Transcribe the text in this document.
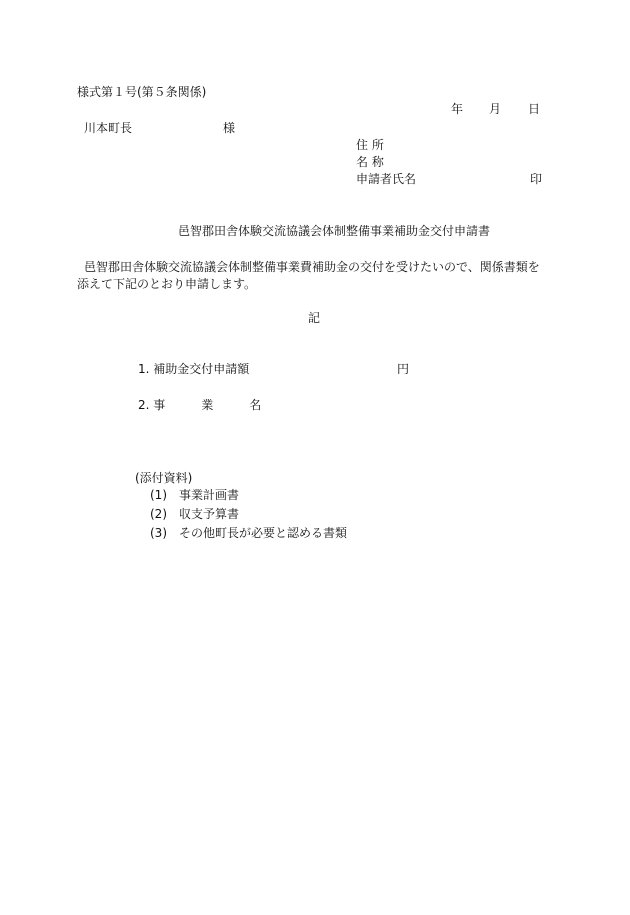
様式第１号(第５条関係)
年 月 日
川本町長	様
住 所
名 称
申請者氏名	印
邑智郡田舎体験交流協議会体制整備事業補助金交付申請書
邑智郡田舎体験交流協議会体制整備事業費補助金の交付を受けたいので、関係書類を
添えて下記のとおり申請します。
記
1. 補助金交付申請額	円
2. 事　　　業　　　名
(添付資料)
(1)　事業計画書
(2)　収支予算書
(3)　その他町長が必要と認める書類
